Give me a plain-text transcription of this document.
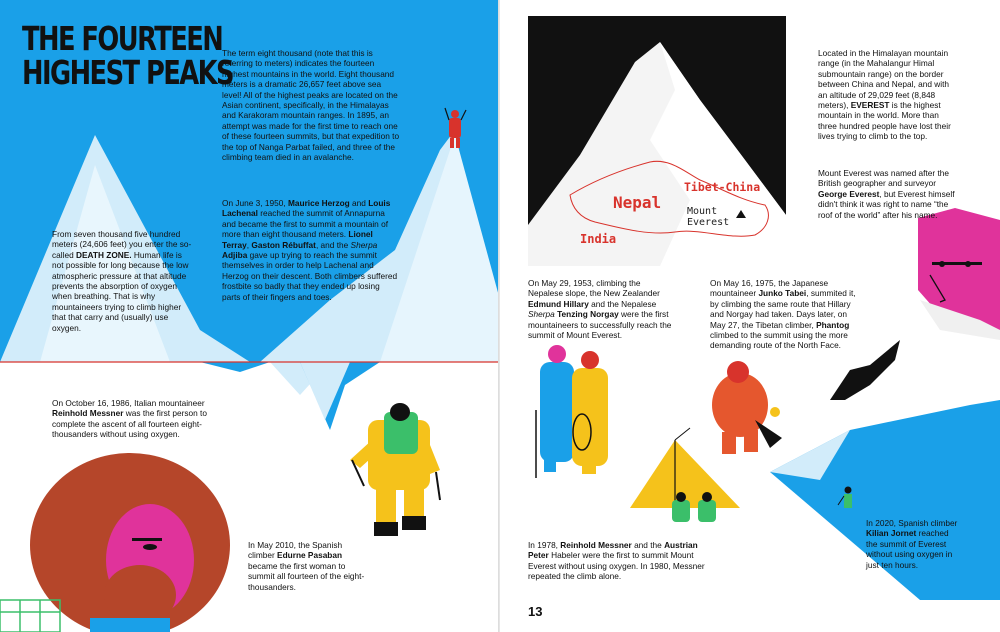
THE FOURTEEN
HIGHEST PEAKS
The term eight thousand (note that this is referring to meters) indicates the fourteen highest mountains in the world. Eight thousand meters is a dramatic 26,657 feet above sea level! All of the highest peaks are located on the Asian continent, specifically, in the Himalayas and Karakoram mountain ranges. In 1895, an attempt was made for the first time to reach one of these fourteen summits, but that expedition to the top of Nanga Parbat failed, and three of the climbing team died in an avalanche.
On June 3, 1950, Maurice Herzog and Louis Lachenal reached the summit of Annapurna and became the first to summit a mountain of more than eight thousand meters. Lionel Terray, Gaston Rébuffat, and the Sherpa Adjiba gave up trying to reach the summit themselves in order to help Lachenal and Herzog on their descent. Both climbers suffered frostbite so badly that they ended up losing parts of their fingers and toes.
From seven thousand five hundred meters (24,606 feet) you enter the so-called DEATH ZONE. Human life is not possible for long because the low atmospheric pressure at that altitude prevents the absorption of oxygen when breathing. That is why mountaineers trying to climb higher that that carry and (usually) use oxygen.
On October 16, 1986, Italian mountaineer Reinhold Messner was the first person to complete the ascent of all fourteen eight-thousanders without using oxygen.
In May 2010, the Spanish climber Edurne Pasaban became the first woman to summit all fourteen of the eight-thousanders.
Nepal
Tibet-China
India
Mount
Everest
Located in the Himalayan mountain range (in the Mahalangur Himal submountain range) on the border between China and Nepal, and with an altitude of 29,029 feet (8,848 meters), EVEREST is the highest mountain in the world. More than three hundred people have lost their lives trying to climb to the top.
Mount Everest was named after the British geographer and surveyor George Everest, but Everest himself didn't think it was right to name “the roof of the world” after his name.
On May 29, 1953, climbing the Nepalese slope, the New Zealander Edmund Hillary and the Nepalese Sherpa Tenzing Norgay were the first mountaineers to successfully reach the summit of Mount Everest.
On May 16, 1975, the Japanese mountaineer Junko Tabei, summited it, by climbing the same route that Hillary and Norgay had taken. Days later, on May 27, the Tibetan climber, Phantog climbed to the summit using the more demanding route of the North Face.
In 1978, Reinhold Messner and the Austrian Peter Habeler were the first to summit Mount Everest without using oxygen. In 1980, Messner repeated the climb alone.
In 2020, Spanish climber Kilian Jornet reached the summit of Everest without using oxygen in just ten hours.
13
